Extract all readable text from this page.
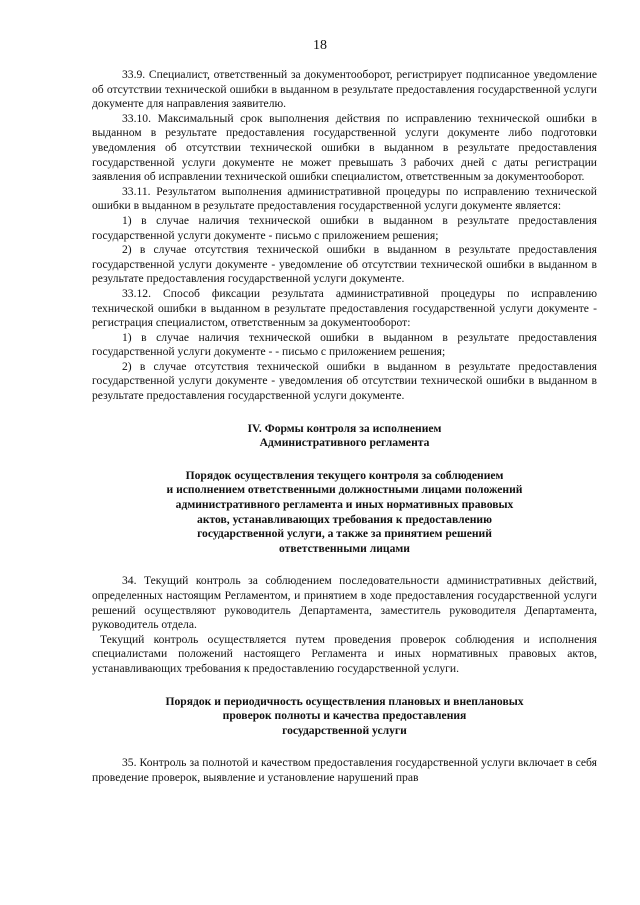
18

33.9. Специалист, ответственный за документооборот, регистрирует подписанное уведомление об отсутствии технической ошибки в выданном в результате предоставления государственной услуги документе для направления заявителю.

33.10. Максимальный срок выполнения действия по исправлению технической ошибки в выданном в результате предоставления государственной услуги документе либо подготовки уведомления об отсутствии технической ошибки в выданном в результате предоставления государственной услуги документе не может превышать 3 рабочих дней с даты регистрации заявления об исправлении технической ошибки специалистом, ответственным за документооборот.

33.11. Результатом выполнения административной процедуры по исправлению технической ошибки в выданном в результате предоставления государственной услуги документе является:

1) в случае наличия технической ошибки в выданном в результате предоставления государственной услуги документе - письмо с приложением решения;

2) в случае отсутствия технической ошибки в выданном в результате предоставления государственной услуги документе - уведомление об отсутствии технической ошибки в выданном в результате предоставления государственной услуги документе.

33.12. Способ фиксации результата административной процедуры по исправлению технической ошибки в выданном в результате предоставления государственной услуги документе - регистрация специалистом, ответственным за документооборот:

1) в случае наличия технической ошибки в выданном в результате предоставления государственной услуги документе - - письмо с приложением решения;

2) в случае отсутствия технической ошибки в выданном в результате предоставления государственной услуги документе - уведомления об отсутствии технической ошибки в выданном в результате предоставления государственной услуги документе.

IV. Формы контроля за исполнением

Административного регламента

Порядок осуществления текущего контроля за соблюдением

и исполнением ответственными должностными лицами положений

административного регламента и иных нормативных правовых

актов, устанавливающих требования к предоставлению

государственной услуги, а также за принятием решений

ответственными лицами

34. Текущий контроль за соблюдением последовательности административных действий, определенных настоящим Регламентом, и принятием в ходе предоставления государственной услуги решений осуществляют руководитель Департамента, заместитель руководителя Департамента, руководитель отдела.

Текущий контроль осуществляется путем проведения проверок соблюдения и исполнения специалистами положений настоящего Регламента и иных нормативных правовых актов, устанавливающих требования к предоставлению государственной услуги.

Порядок и периодичность осуществления плановых и внеплановых

проверок полноты и качества предоставления

государственной услуги

35. Контроль за полнотой и качеством предоставления государственной услуги включает в себя проведение проверок, выявление и установление нарушений прав
